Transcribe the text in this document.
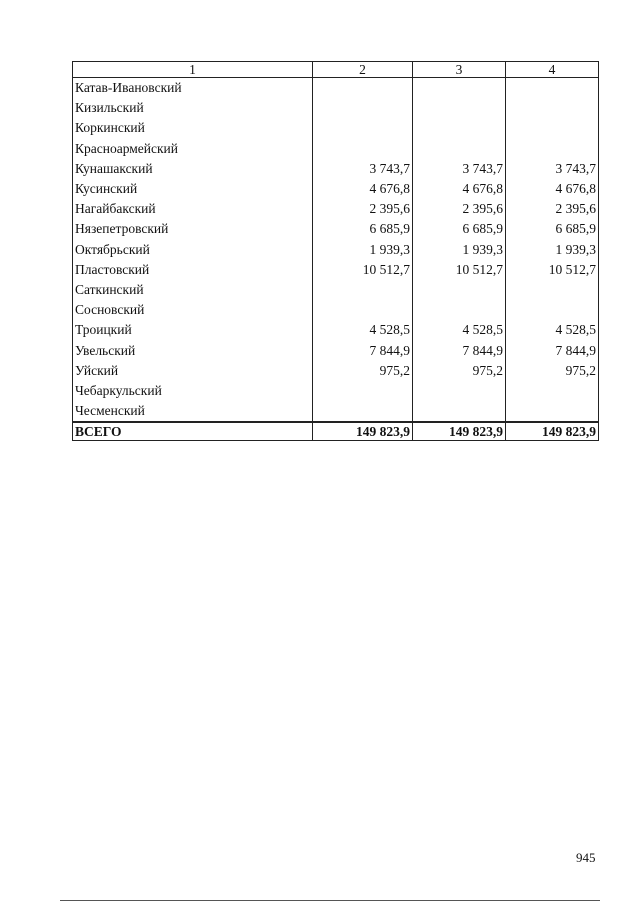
1	2	3	4
Катав-Ивановский			
Кизильский			
Коркинский			
Красноармейский			
Кунашакский	3 743,7	3 743,7	3 743,7
Кусинский	4 676,8	4 676,8	4 676,8
Нагайбакский	2 395,6	2 395,6	2 395,6
Нязепетровский	6 685,9	6 685,9	6 685,9
Октябрьский	1 939,3	1 939,3	1 939,3
Пластовский	10 512,7	10 512,7	10 512,7
Саткинский			
Сосновский			
Троицкий	4 528,5	4 528,5	4 528,5
Увельский	7 844,9	7 844,9	7 844,9
Уйский	975,2	975,2	975,2
Чебаркульский			
Чесменский			
ВСЕГО	149 823,9	149 823,9	149 823,9
945
